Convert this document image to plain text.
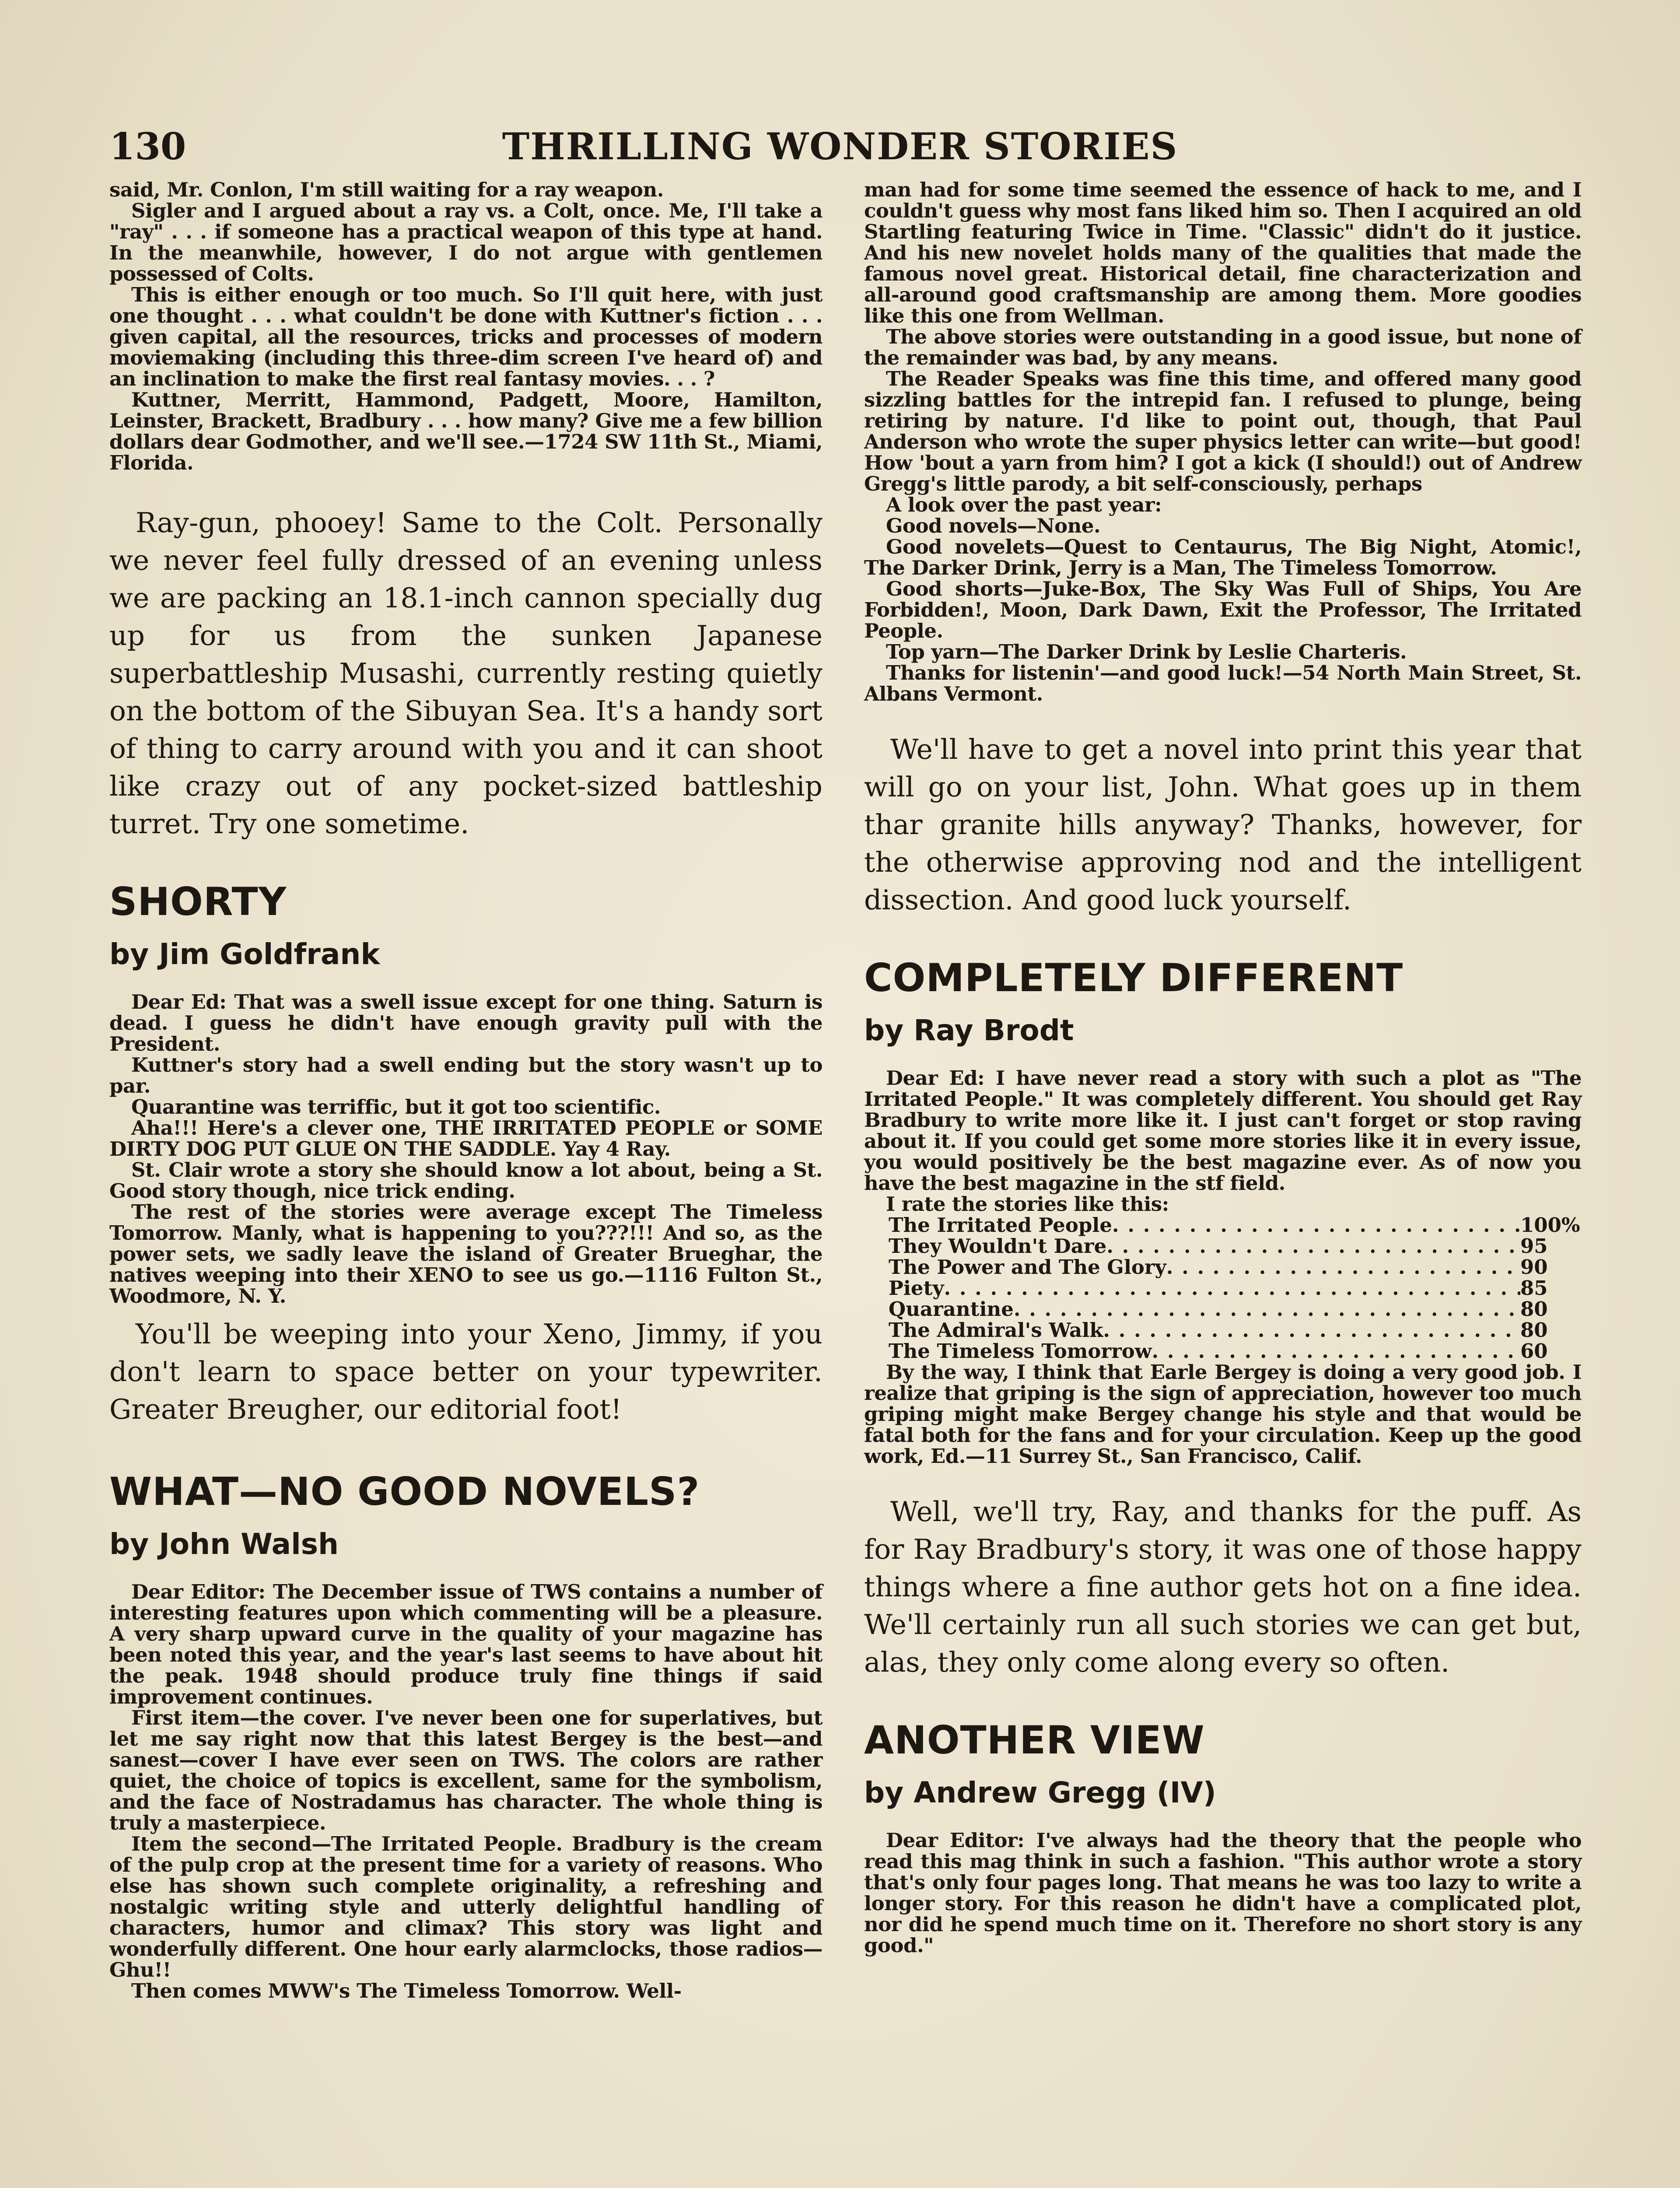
130	THRILLING WONDER STORIES

said, Mr. Conlon, I'm still waiting for a ray weapon.

Sigler and I argued about a ray vs. a Colt, once. Me, I'll take a "ray" . . . if someone has a practical weapon of this type at hand. In the meanwhile, however, I do not argue with gentlemen possessed of Colts.

This is either enough or too much. So I'll quit here, with just one thought . . . what couldn't be done with Kuttner's fiction . . . given capital, all the resources, tricks and processes of modern moviemaking (including this three-dim screen I've heard of) and an inclination to make the first real fantasy movies. . . ?

Kuttner, Merritt, Hammond, Padgett, Moore, Hamilton, Leinster, Brackett, Bradbury . . . how many? Give me a few billion dollars dear Godmother, and we'll see.—1724 SW 11th St., Miami, Florida.

Ray-gun, phooey! Same to the Colt. Personally we never feel fully dressed of an evening unless we are packing an 18.1-inch cannon specially dug up for us from the sunken Japanese superbattleship Musashi, currently resting quietly on the bottom of the Sibuyan Sea. It's a handy sort of thing to carry around with you and it can shoot like crazy out of any pocket-sized battleship turret. Try one sometime.

SHORTY
by Jim Goldfrank

Dear Ed: That was a swell issue except for one thing. Saturn is dead. I guess he didn't have enough gravity pull with the President.

Kuttner's story had a swell ending but the story wasn't up to par.

Quarantine was terriffic, but it got too scientific.

Aha!!! Here's a clever one, THE IRRITATED PEOPLE or SOME DIRTY DOG PUT GLUE ON THE SADDLE. Yay 4 Ray.

St. Clair wrote a story she should know a lot about, being a St. Good story though, nice trick ending.

The rest of the stories were average except The Timeless Tomorrow. Manly, what is happening to you???!!! And so, as the power sets, we sadly leave the island of Greater Brueghar, the natives weeping into their XENO to see us go.—1116 Fulton St., Woodmore, N. Y.

You'll be weeping into your Xeno, Jimmy, if you don't learn to space better on your typewriter. Greater Breugher, our editorial foot!

WHAT—NO GOOD NOVELS?
by John Walsh

Dear Editor: The December issue of TWS contains a number of interesting features upon which commenting will be a pleasure. A very sharp upward curve in the quality of your magazine has been noted this year, and the year's last seems to have about hit the peak. 1948 should produce truly fine things if said improvement continues.

First item—the cover. I've never been one for superlatives, but let me say right now that this latest Bergey is the best—and sanest—cover I have ever seen on TWS. The colors are rather quiet, the choice of topics is excellent, same for the symbolism, and the face of Nostradamus has character. The whole thing is truly a masterpiece.

Item the second—The Irritated People. Bradbury is the cream of the pulp crop at the present time for a variety of reasons. Who else has shown such complete originality, a refreshing and nostalgic writing style and utterly delightful handling of characters, humor and climax? This story was light and wonderfully different. One hour early alarmclocks, those radios—Ghu!!

Then comes MWW's The Timeless Tomorrow. Well-

man had for some time seemed the essence of hack to me, and I couldn't guess why most fans liked him so. Then I acquired an old Startling featuring Twice in Time. "Classic" didn't do it justice. And his new novelet holds many of the qualities that made the famous novel great. Historical detail, fine characterization and all-around good craftsmanship are among them. More goodies like this one from Wellman.

The above stories were outstanding in a good issue, but none of the remainder was bad, by any means.

The Reader Speaks was fine this time, and offered many good sizzling battles for the intrepid fan. I refused to plunge, being retiring by nature. I'd like to point out, though, that Paul Anderson who wrote the super physics letter can write—but good! How 'bout a yarn from him? I got a kick (I should!) out of Andrew Gregg's little parody, a bit self-consciously, perhaps

A look over the past year:

Good novels—None.

Good novelets—Quest to Centaurus, The Big Night, Atomic!, The Darker Drink, Jerry is a Man, The Timeless Tomorrow.

Good shorts—Juke-Box, The Sky Was Full of Ships, You Are Forbidden!, Moon, Dark Dawn, Exit the Professor, The Irritated People.

Top yarn—The Darker Drink by Leslie Charteris.

Thanks for listenin'—and good luck!—54 North Main Street, St. Albans Vermont.

We'll have to get a novel into print this year that will go on your list, John. What goes up in them thar granite hills anyway? Thanks, however, for the otherwise approving nod and the intelligent dissection. And good luck yourself.

COMPLETELY DIFFERENT
by Ray Brodt

Dear Ed: I have never read a story with such a plot as "The Irritated People." It was completely different. You should get Ray Bradbury to write more like it. I just can't forget or stop raving about it. If you could get some more stories like it in every issue, you would positively be the best magazine ever. As of now you have the best magazine in the stf field.

I rate the stories like this:

The Irritated People . . .	100%
They Wouldn't Dare . . .	95
The Power and The Glory . . .	90
Piety . . .	85
Quarantine . . .	80
The Admiral's Walk . . .	80
The Timeless Tomorrow . . .	60

By the way, I think that Earle Bergey is doing a very good job. I realize that griping is the sign of appreciation, however too much griping might make Bergey change his style and that would be fatal both for the fans and for your circulation. Keep up the good work, Ed.—11 Surrey St., San Francisco, Calif.

Well, we'll try, Ray, and thanks for the puff. As for Ray Bradbury's story, it was one of those happy things where a fine author gets hot on a fine idea. We'll certainly run all such stories we can get but, alas, they only come along every so often.

ANOTHER VIEW
by Andrew Gregg (IV)

Dear Editor: I've always had the theory that the people who read this mag think in such a fashion. "This author wrote a story that's only four pages long. That means he was too lazy to write a longer story. For this reason he didn't have a complicated plot, nor did he spend much time on it. Therefore no short story is any good."
